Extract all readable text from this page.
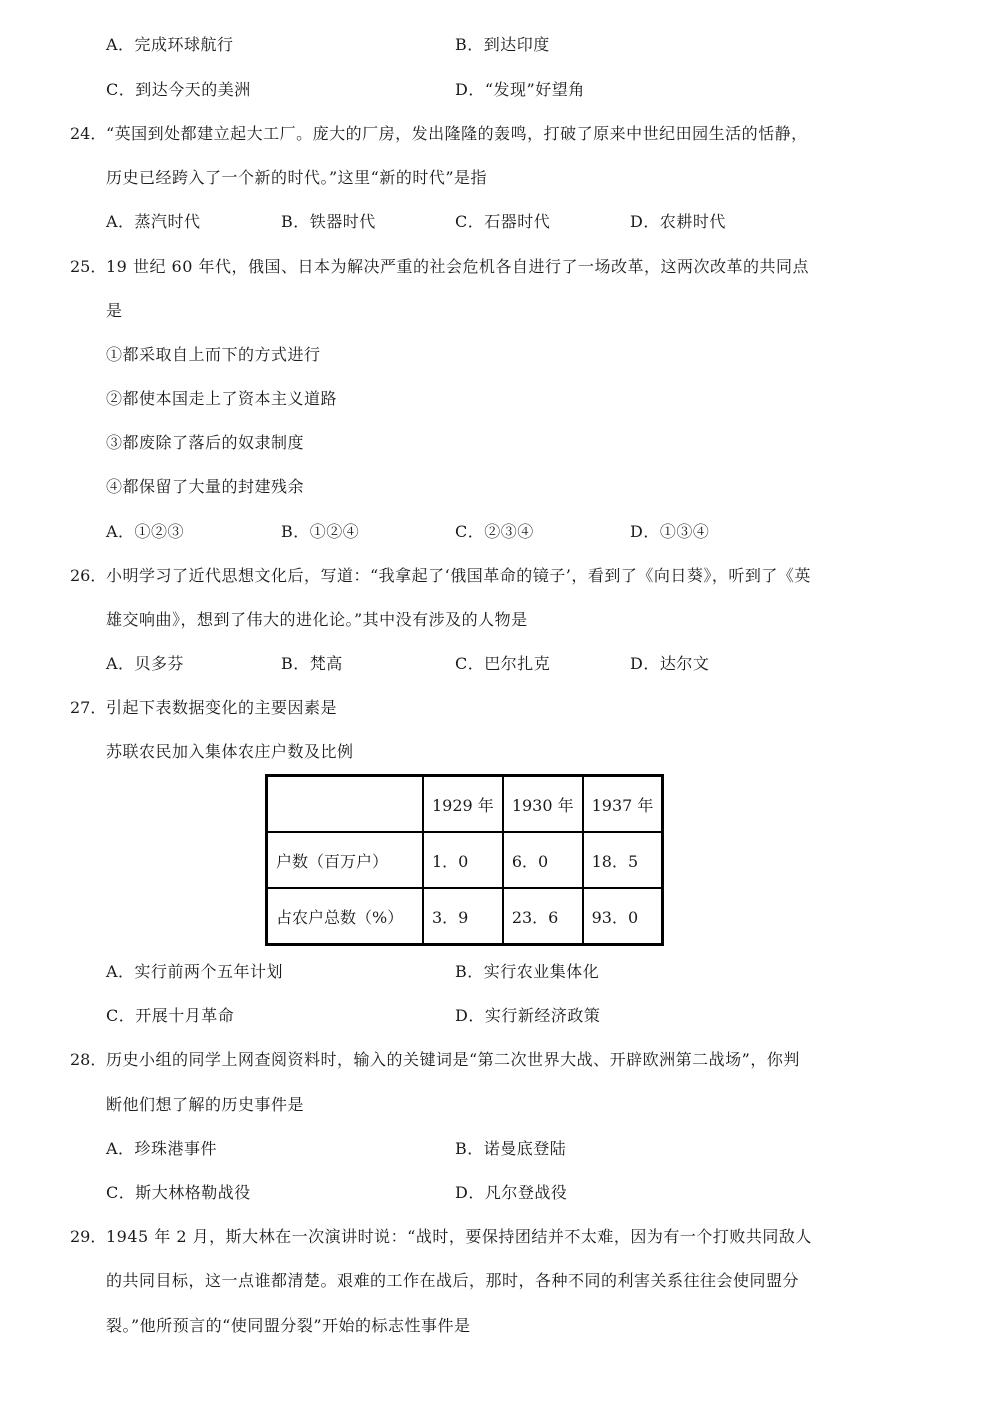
A．完成环球航行	B．到达印度
C．到达今天的美洲	D．“发现”好望角
24． “英国到处都建立起大工厂。庞大的厂房，发出隆隆的轰鸣，打破了原来中世纪田园生活的恬静，
历史已经跨入了一个新的时代。”这里“新的时代”是指
A．蒸汽时代	B．铁器时代	C．石器时代	D．农耕时代
25． 19 世纪 60 年代，俄国、日本为解决严重的社会危机各自进行了一场改革，这两次改革的共同点
是
①都采取自上而下的方式进行
②都使本国走上了资本主义道路
③都废除了落后的奴隶制度
④都保留了大量的封建残余
A．①②③	B．①②④	C．②③④	D．①③④
26． 小明学习了近代思想文化后，写道：“我拿起了‘俄国革命的镜子’，看到了《向日葵》，听到了《英
雄交响曲》，想到了伟大的进化论。”其中没有涉及的人物是
A．贝多芬	B．梵高	C．巴尔扎克	D．达尔文
27． 引起下表数据变化的主要因素是
苏联农民加入集体农庄户数及比例
	1929 年	1930 年	1937 年
户数（百万户）	1．0	6．0	18．5
占农户总数（%）	3．9	23．6	93．0
A．实行前两个五年计划	B．实行农业集体化
C．开展十月革命	D．实行新经济政策
28． 历史小组的同学上网查阅资料时，输入的关键词是“第二次世界大战、开辟欧洲第二战场”，你判
断他们想了解的历史事件是
A．珍珠港事件	B．诺曼底登陆
C．斯大林格勒战役	D．凡尔登战役
29． 1945 年 2 月，斯大林在一次演讲时说：“战时，要保持团结并不太难，因为有一个打败共同敌人
的共同目标，这一点谁都清楚。艰难的工作在战后，那时，各种不同的利害关系往往会使同盟分
裂。”他所预言的“使同盟分裂”开始的标志性事件是
